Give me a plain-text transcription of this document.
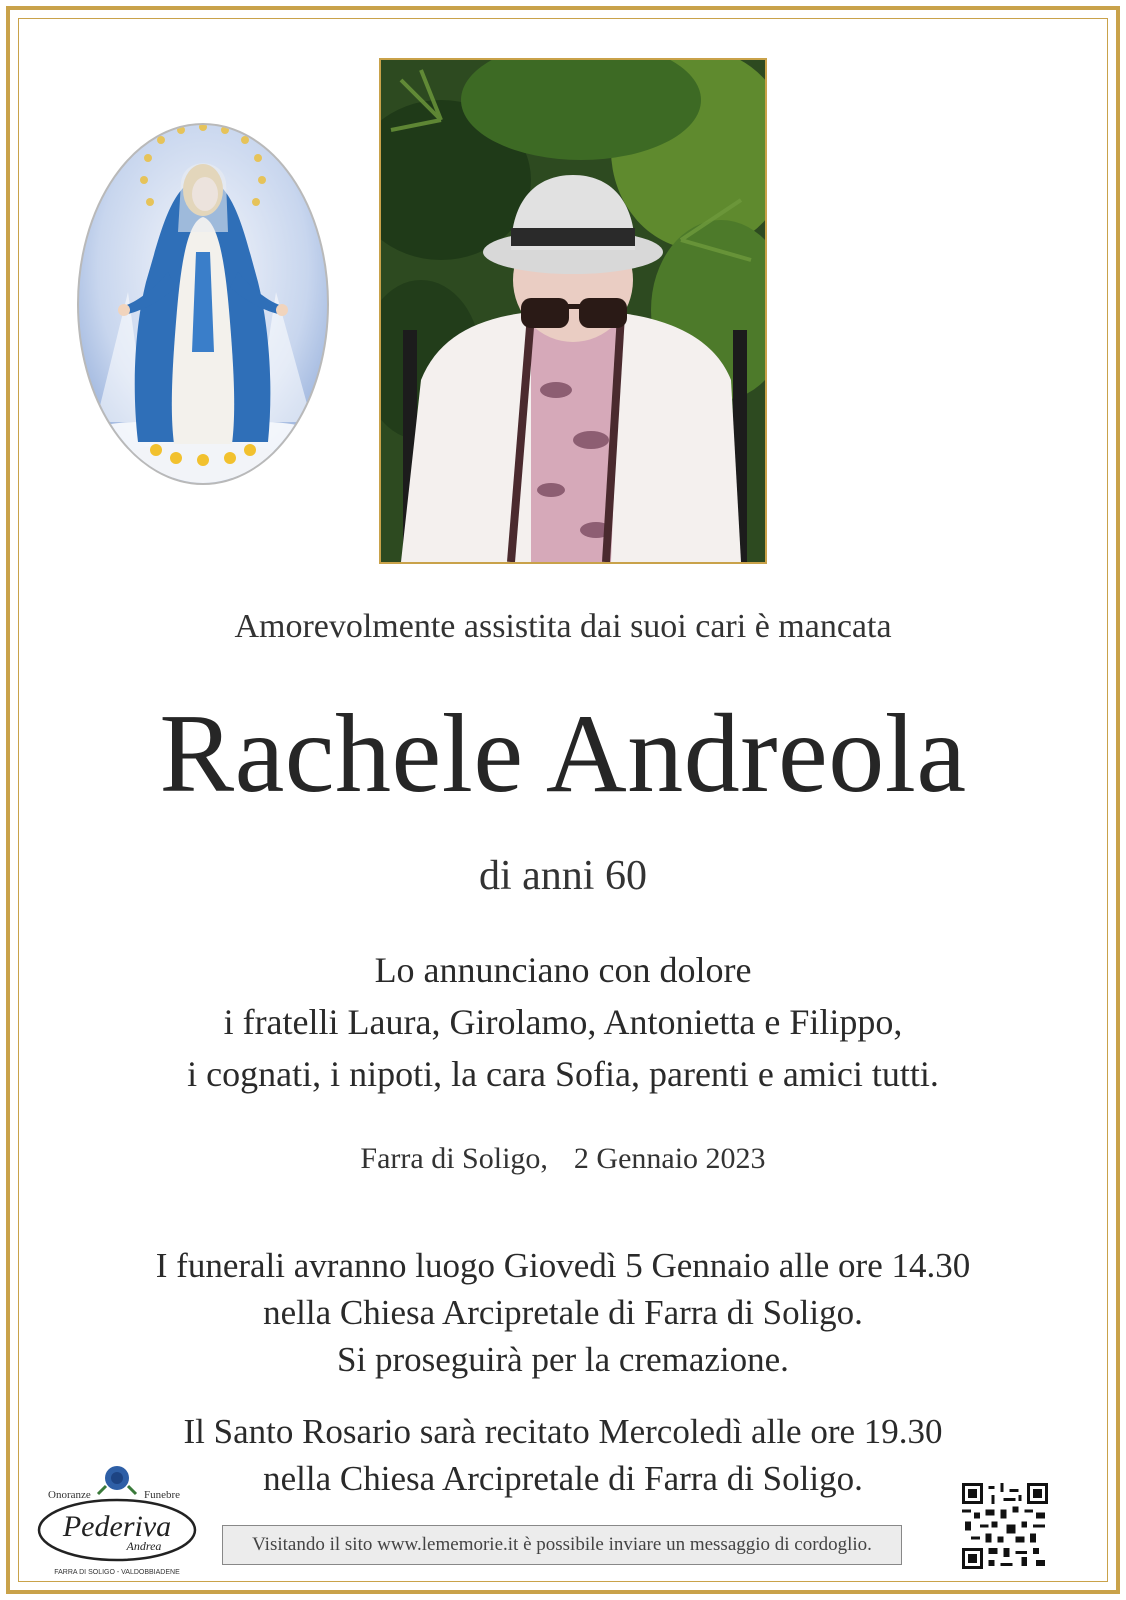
Amorevolmente assistita dai suoi cari è mancata
Rachele Andreola
di anni 60
Lo annunciano con dolore
i fratelli Laura, Girolamo, Antonietta e Filippo,
i cognati, i nipoti, la cara Sofia, parenti e amici tutti.
Farra di Soligo, 2 Gennaio 2023
I funerali avranno luogo Giovedì 5 Gennaio alle ore 14.30
nella Chiesa Arcipretale di Farra di Soligo.
Si proseguirà per la cremazione.
Il Santo Rosario sarà recitato Mercoledì alle ore 19.30
nella Chiesa Arcipretale di Farra di Soligo.
Onoranze	Funebre
Pederiva
Andrea
FARRA DI SOLIGO - VALDOBBIADENE
Visitando il sito www.lememorie.it è possibile inviare un messaggio di cordoglio.
